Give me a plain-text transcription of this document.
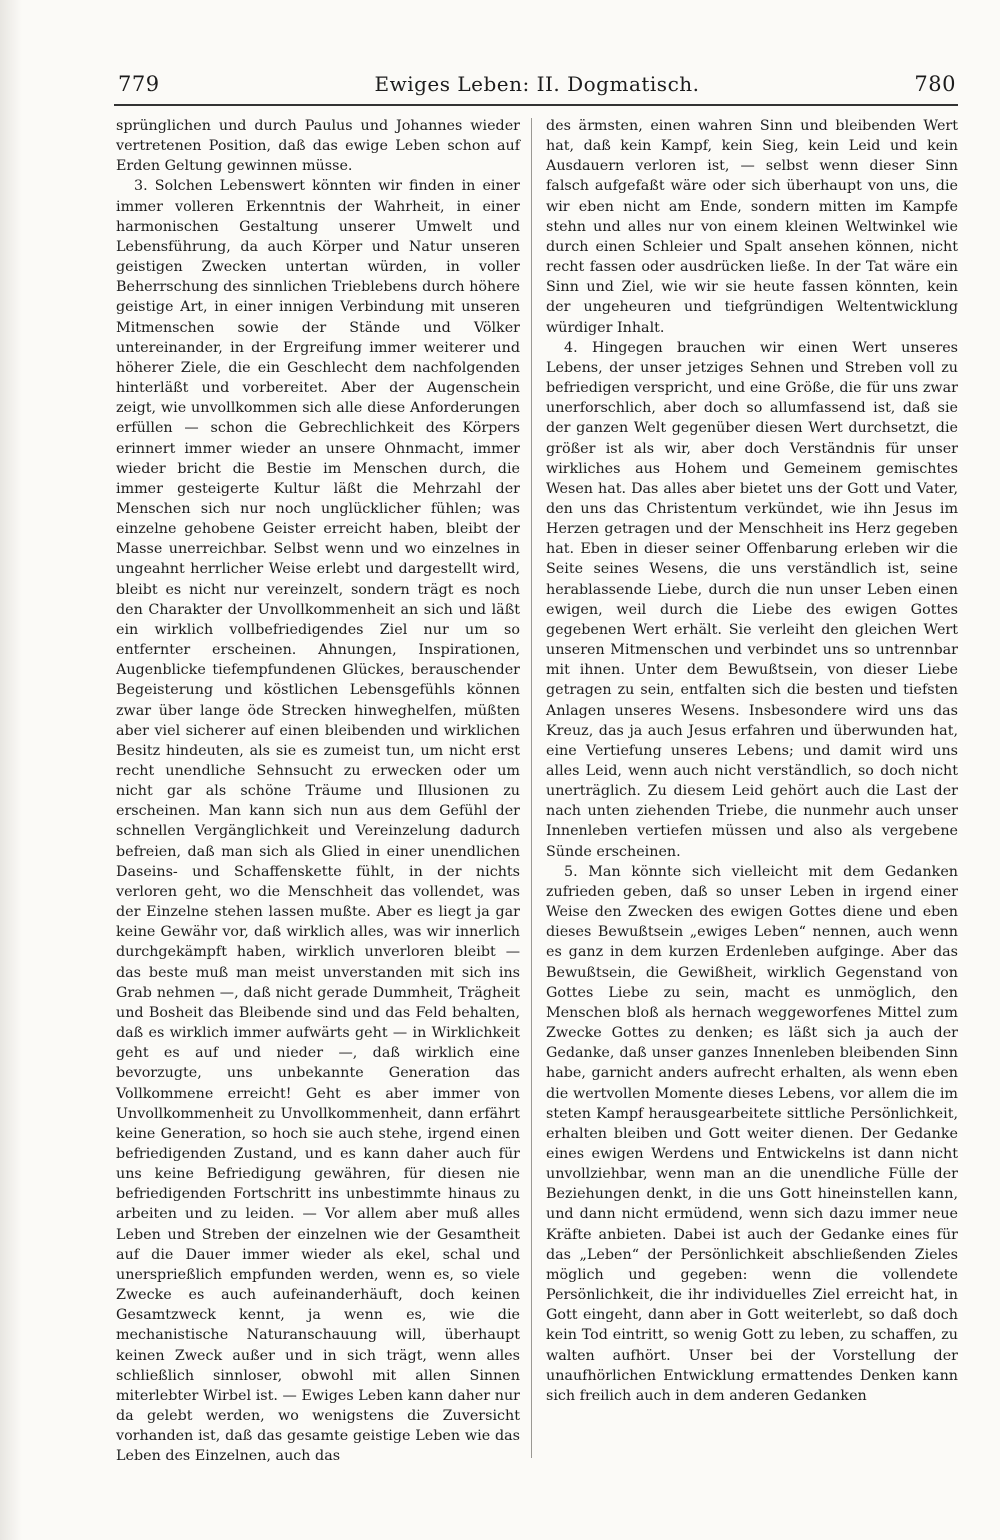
779	Ewiges Leben: II. Dogmatisch.	780

sprünglichen und durch Paulus und Johannes wieder vertretenen Position, daß das ewige Leben schon auf Erden Geltung gewinnen müsse.

3. Solchen Lebenswert könnten wir finden in einer immer volleren Erkenntnis der Wahrheit, in einer harmonischen Gestaltung unserer Umwelt und Lebensführung, da auch Körper und Natur unseren geistigen Zwecken untertan würden, in voller Beherrschung des sinnlichen Trieblebens durch höhere geistige Art, in einer innigen Verbindung mit unseren Mitmenschen sowie der Stände und Völker untereinander, in der Ergreifung immer weiterer und höherer Ziele, die ein Geschlecht dem nachfolgenden hinterläßt und vorbereitet. Aber der Augenschein zeigt, wie unvollkommen sich alle diese Anforderungen erfüllen — schon die Gebrechlichkeit des Körpers erinnert immer wieder an unsere Ohnmacht, immer wieder bricht die Bestie im Menschen durch, die immer gesteigerte Kultur läßt die Mehrzahl der Menschen sich nur noch unglücklicher fühlen; was einzelne gehobene Geister erreicht haben, bleibt der Masse unerreichbar. Selbst wenn und wo einzelnes in ungeahnt herrlicher Weise erlebt und dargestellt wird, bleibt es nicht nur vereinzelt, sondern trägt es noch den Charakter der Unvollkommenheit an sich und läßt ein wirklich vollbefriedigendes Ziel nur um so entfernter erscheinen. Ahnungen, Inspirationen, Augenblicke tiefempfundenen Glückes, berauschender Begeisterung und köstlichen Lebensgefühls können zwar über lange öde Strecken hinweghelfen, müßten aber viel sicherer auf einen bleibenden und wirklichen Besitz hindeuten, als sie es zumeist tun, um nicht erst recht unendliche Sehnsucht zu erwecken oder um nicht gar als schöne Träume und Illusionen zu erscheinen. Man kann sich nun aus dem Gefühl der schnellen Vergänglichkeit und Vereinzelung dadurch befreien, daß man sich als Glied in einer unendlichen Daseins- und Schaffenskette fühlt, in der nichts verloren geht, wo die Menschheit das vollendet, was der Einzelne stehen lassen mußte. Aber es liegt ja gar keine Gewähr vor, daß wirklich alles, was wir innerlich durchgekämpft haben, wirklich unverloren bleibt — das beste muß man meist unverstanden mit sich ins Grab nehmen —, daß nicht gerade Dummheit, Trägheit und Bosheit das Bleibende sind und das Feld behalten, daß es wirklich immer aufwärts geht — in Wirklichkeit geht es auf und nieder —, daß wirklich eine bevorzugte, uns unbekannte Generation das Vollkommene erreicht! Geht es aber immer von Unvollkommenheit zu Unvollkommenheit, dann erfährt keine Generation, so hoch sie auch stehe, irgend einen befriedigenden Zustand, und es kann daher auch für uns keine Befriedigung gewähren, für diesen nie befriedigenden Fortschritt ins unbestimmte hinaus zu arbeiten und zu leiden. — Vor allem aber muß alles Leben und Streben der einzelnen wie der Gesamtheit auf die Dauer immer wieder als ekel, schal und unersprießlich empfunden werden, wenn es, so viele Zwecke es auch aufeinanderhäuft, doch keinen Gesamtzweck kennt, ja wenn es, wie die mechanistische Naturanschauung will, überhaupt keinen Zweck außer und in sich trägt, wenn alles schließlich sinnloser, obwohl mit allen Sinnen miterlebter Wirbel ist. — Ewiges Leben kann daher nur da gelebt werden, wo wenigstens die Zuversicht vorhanden ist, daß das gesamte geistige Leben wie das Leben des Einzelnen, auch das

des ärmsten, einen wahren Sinn und bleibenden Wert hat, daß kein Kampf, kein Sieg, kein Leid und kein Ausdauern verloren ist, — selbst wenn dieser Sinn falsch aufgefaßt wäre oder sich überhaupt von uns, die wir eben nicht am Ende, sondern mitten im Kampfe stehn und alles nur von einem kleinen Weltwinkel wie durch einen Schleier und Spalt ansehen können, nicht recht fassen oder ausdrücken ließe. In der Tat wäre ein Sinn und Ziel, wie wir sie heute fassen könnten, kein der ungeheuren und tiefgründigen Weltentwicklung würdiger Inhalt.

4. Hingegen brauchen wir einen Wert unseres Lebens, der unser jetziges Sehnen und Streben voll zu befriedigen verspricht, und eine Größe, die für uns zwar unerforschlich, aber doch so allumfassend ist, daß sie der ganzen Welt gegenüber diesen Wert durchsetzt, die größer ist als wir, aber doch Verständnis für unser wirkliches aus Hohem und Gemeinem gemischtes Wesen hat. Das alles aber bietet uns der Gott und Vater, den uns das Christentum verkündet, wie ihn Jesus im Herzen getragen und der Menschheit ins Herz gegeben hat. Eben in dieser seiner Offenbarung erleben wir die Seite seines Wesens, die uns verständlich ist, seine herablassende Liebe, durch die nun unser Leben einen ewigen, weil durch die Liebe des ewigen Gottes gegebenen Wert erhält. Sie verleiht den gleichen Wert unseren Mitmenschen und verbindet uns so untrennbar mit ihnen. Unter dem Bewußtsein, von dieser Liebe getragen zu sein, entfalten sich die besten und tiefsten Anlagen unseres Wesens. Insbesondere wird uns das Kreuz, das ja auch Jesus erfahren und überwunden hat, eine Vertiefung unseres Lebens; und damit wird uns alles Leid, wenn auch nicht verständlich, so doch nicht unerträglich. Zu diesem Leid gehört auch die Last der nach unten ziehenden Triebe, die nunmehr auch unser Innenleben vertiefen müssen und also als vergebene Sünde erscheinen.

5. Man könnte sich vielleicht mit dem Gedanken zufrieden geben, daß so unser Leben in irgend einer Weise den Zwecken des ewigen Gottes diene und eben dieses Bewußtsein „ewiges Leben“ nennen, auch wenn es ganz in dem kurzen Erdenleben aufginge. Aber das Bewußtsein, die Gewißheit, wirklich Gegenstand von Gottes Liebe zu sein, macht es unmöglich, den Menschen bloß als hernach weggeworfenes Mittel zum Zwecke Gottes zu denken; es läßt sich ja auch der Gedanke, daß unser ganzes Innenleben bleibenden Sinn habe, garnicht anders aufrecht erhalten, als wenn eben die wertvollen Momente dieses Lebens, vor allem die im steten Kampf herausgearbeitete sittliche Persönlichkeit, erhalten bleiben und Gott weiter dienen. Der Gedanke eines ewigen Werdens und Entwickelns ist dann nicht unvollziehbar, wenn man an die unendliche Fülle der Beziehungen denkt, in die uns Gott hineinstellen kann, und dann nicht ermüdend, wenn sich dazu immer neue Kräfte anbieten. Dabei ist auch der Gedanke eines für das „Leben“ der Persönlichkeit abschließenden Zieles möglich und gegeben: wenn die vollendete Persönlichkeit, die ihr individuelles Ziel erreicht hat, in Gott eingeht, dann aber in Gott weiterlebt, so daß doch kein Tod eintritt, so wenig Gott zu leben, zu schaffen, zu walten aufhört. Unser bei der Vorstellung der unaufhörlichen Entwicklung ermattendes Denken kann sich freilich auch in dem anderen Gedanken
